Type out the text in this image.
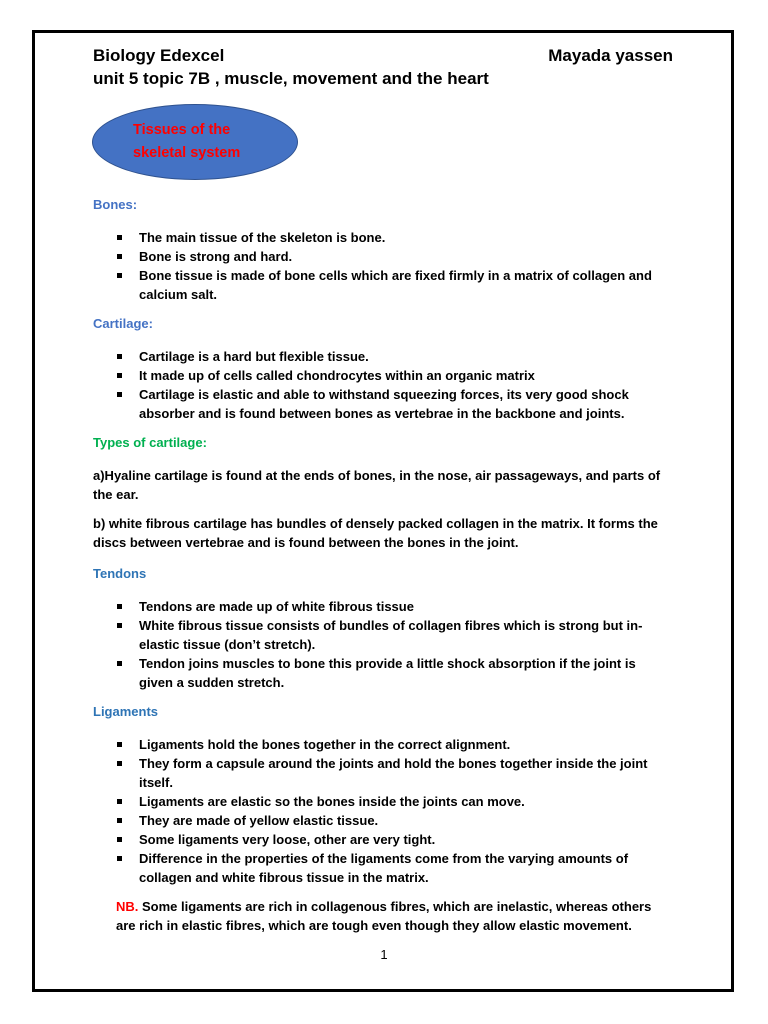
Biology Edexcel	Mayada yassen
unit 5 topic 7B , muscle, movement and the heart
Tissues of the
skeletal system
Bones:
The main tissue of the skeleton is bone.
Bone is strong and hard.
Bone tissue is made of bone cells which are fixed firmly in a matrix of collagen and calcium salt.
Cartilage:
Cartilage is a hard but flexible tissue.
It made up of cells called chondrocytes within an organic matrix
Cartilage is elastic and able to withstand squeezing forces, its very good shock absorber and is found between bones as vertebrae in the backbone and joints.
Types of cartilage:

a)Hyaline cartilage is found at the ends of bones, in the nose, air passageways, and parts of the ear.

b) white fibrous cartilage has bundles of densely packed collagen in the matrix. It forms the discs between vertebrae and is found between the bones in the joint.

Tendons
Tendons are made up of white fibrous tissue
White fibrous tissue consists of bundles of collagen fibres which is strong but in-elastic tissue (don’t stretch).
Tendon joins muscles to bone this provide a little shock absorption if the joint is given a sudden stretch.
Ligaments
Ligaments hold the bones together in the correct alignment.
They form a capsule around the joints and hold the bones together inside the joint itself.
Ligaments are elastic so the bones inside the joints can move.
They are made of yellow elastic tissue.
Some ligaments very loose, other are very tight.
Difference in the properties of the ligaments come from the varying amounts of collagen and white fibrous tissue in the matrix.

NB. Some ligaments are rich in collagenous fibres, which are inelastic, whereas others are rich in elastic fibres, which are tough even though they allow elastic movement.

1
